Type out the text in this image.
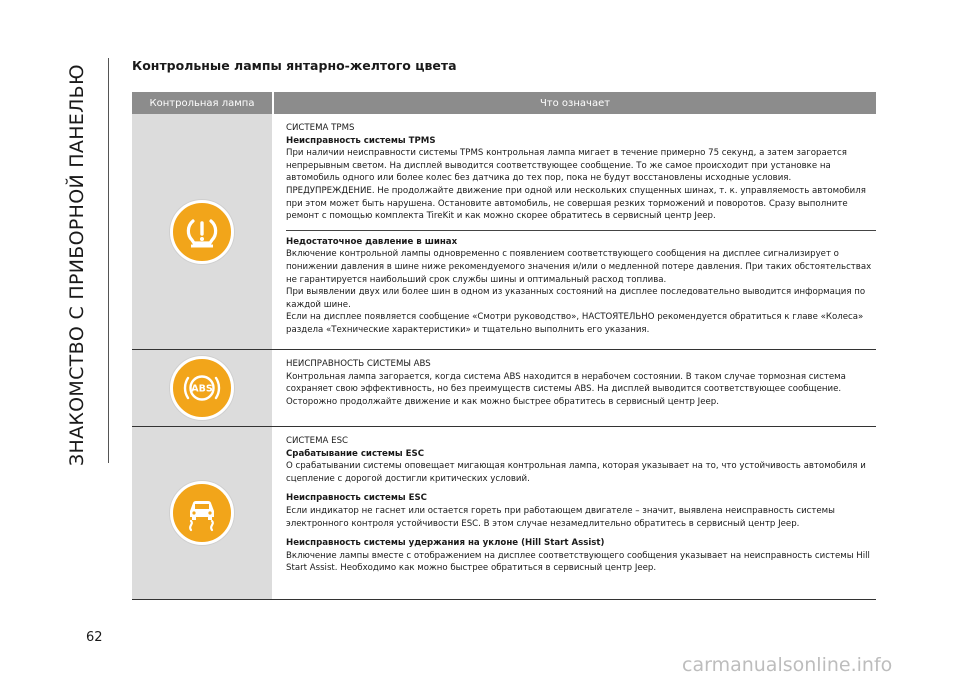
ЗНАКОМСТВО С ПРИБОРНОЙ ПАНЕЛЬЮ	Контрольные лампы янтарно-желтого цвета
Контрольная лампа	Что означает

СИСТЕМА TPMS

Неисправность системы TPMS

При наличии неисправности системы TPMS контрольная лампа мигает в течение примерно 75 секунд, а затем загорается непрерывным светом. На дисплей выводится соответствующее сообщение. То же самое происходит при установке на автомобиль одного или более колес без датчика до тех пор, пока не будут восстановлены исходные условия.

ПРЕДУПРЕЖДЕНИЕ. Не продолжайте движение при одной или нескольких спущенных шинах, т. к. управляемость автомобиля при этом может быть нарушена. Остановите автомобиль, не совершая резких торможений и поворотов. Сразу выполните ремонт с помощью комплекта TireKit и как можно скорее обратитесь в сервисный центр Jeep.

Недостаточное давление в шинах

Включение контрольной лампы одновременно с появлением соответствующего сообщения на дисплее сигнализирует о понижении давления в шине ниже рекомендуемого значения и/или о медленной потере давления. При таких обстоятельствах не гарантируется наибольший срок службы шины и оптимальный расход топлива.

При выявлении двух или более шин в одном из указанных состояний на дисплее последовательно выводится информация по каждой шине.

Если на дисплее появляется сообщение «Смотри руководство», НАСТОЯТЕЛЬНО рекомендуется обратиться к главе «Колеса» раздела «Технические характеристики» и тщательно выполнить его указания.

ABS

НЕИСПРАВНОСТЬ СИСТЕМЫ ABS

Контрольная лампа загорается, когда система ABS находится в нерабочем состоянии. В таком случае тормозная система сохраняет свою эффективность, но без преимуществ системы ABS. На дисплей выводится соответствующее сообщение. Осторожно продолжайте движение и как можно быстрее обратитесь в сервисный центр Jeep.

СИСТЕМА ESC

Срабатывание системы ESC

О срабатывании системы оповещает мигающая контрольная лампа, которая указывает на то, что устойчивость автомобиля и сцепление с дорогой достигли критических условий.

Неисправность системы ESC

Если индикатор не гаснет или остается гореть при работающем двигателе – значит, выявлена неисправность системы электронного контроля устойчивости ESC. В этом случае незамедлительно обратитесь в сервисный центр Jeep.

Неисправность системы удержания на уклоне (Hill Start Assist)

Включение лампы вместе с отображением на дисплее соответствующего сообщения указывает на неисправность системы Hill Start Assist. Необходимо как можно быстрее обратиться в сервисный центр Jeep.

62
carmanualsonline.info
